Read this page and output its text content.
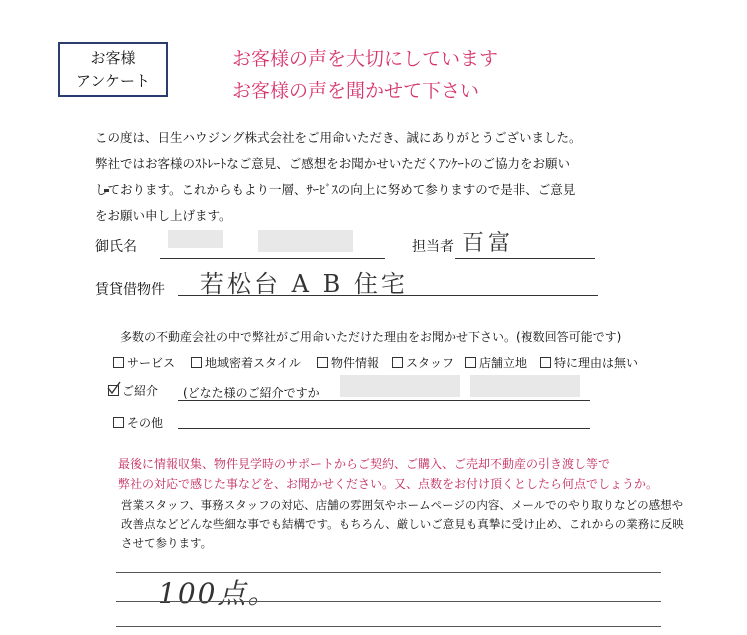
お客様
アンケート
お客様の声を大切にしています
お客様の声を聞かせて下さい
この度は、日生ハウジング株式会社をご用命いただき、誠にありがとうございました。
弊社ではお客様のｽﾄﾚｰﾄなご意見、ご感想をお聞かせいただくｱﾝｹｰﾄのご協力をお願い
しております。これからもより一層、ｻｰﾋﾞｽの向上に努めて参りますので是非、ご意見
をお願い申し上げます。
御氏名	担当者 百富
賃貸借物件 若松台 A B 住宅
多数の不動産会社の中で弊社がご用命いただけた理由をお聞かせ下さい。(複数回答可能です)
サービス	地域密着スタイル	物件情報	スタッフ	店舗立地	特に理由は無い
ご紹介 (どなた様のご紹介ですか
その他
最後に情報収集、物件見学時のサポートからご契約、ご購入、ご売却不動産の引き渡し等で
弊社の対応で感じた事などを、お聞かせください。又、点数をお付け頂くとしたら何点でしょうか。
営業スタッフ、事務スタッフの対応、店舗の雰囲気やホームページの内容、メールでのやり取りなどの感想や
改善点などどんな些細な事でも結構です。もちろん、厳しいご意見も真摯に受け止め、これからの業務に反映
させて参ります。
100点。
